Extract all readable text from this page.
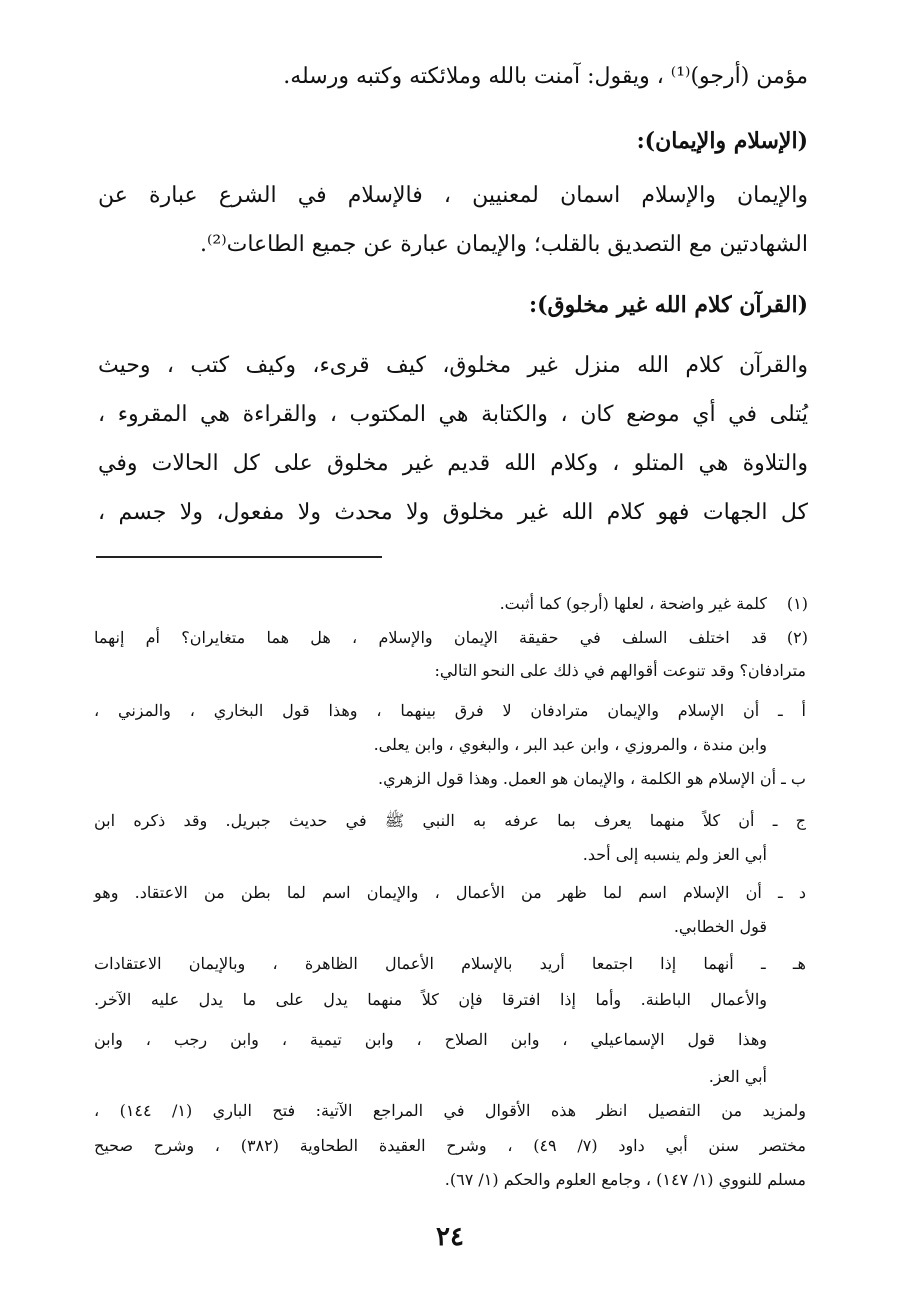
مؤمن (أرجو)⁽¹⁾ ، ويقول: آمنت بالله وملائكته وكتبه ورسله.
(الإسلام والإيمان):
والإيمان والإسلام اسمان لمعنيين ، فالإسلام في الشرع عبارة عن
الشهادتين مع التصديق بالقلب؛ والإيمان عبارة عن جميع الطاعات⁽²⁾.
(القرآن كلام الله غير مخلوق):
والقرآن كلام الله منزل غير مخلوق، كيف قرىء، وكيف كتب ، وحيث
يُتلى في أي موضع كان ، والكتابة هي المكتوب ، والقراءة هي المقروء ،
والتلاوة هي المتلو ، وكلام الله قديم غير مخلوق على كل الحالات وفي
كل الجهات فهو كلام الله غير مخلوق ولا محدث ولا مفعول، ولا جسم ،
(١)
كلمة غير واضحة ، لعلها (أرجو) كما أثبت.
(٢)
قد اختلف السلف في حقيقة الإيمان والإسلام ، هل هما متغايران؟ أم إنهما
مترادفان؟ وقد تنوعت أقوالهم في ذلك على النحو التالي:
أ ـ أن الإسلام والإيمان مترادفان لا فرق بينهما ، وهذا قول البخاري ، والمزني ،
وابن مندة ، والمروزي ، وابن عبد البر ، والبغوي ، وابن يعلى.
ب ـ أن الإسلام هو الكلمة ، والإيمان هو العمل. وهذا قول الزهري.
ج ـ أن كلاً منهما يعرف بما عرفه به النبي ﷺ في حديث جبريل. وقد ذكره ابن
أبي العز ولم ينسبه إلى أحد.
د ـ أن الإسلام اسم لما ظهر من الأعمال ، والإيمان اسم لما بطن من الاعتقاد. وهو
قول الخطابي.
هـ ـ أنهما إذا اجتمعا أريد بالإسلام الأعمال الظاهرة ، وبالإيمان الاعتقادات
والأعمال الباطنة. وأما إذا افترقا فإن كلاً منهما يدل على ما يدل عليه الآخر.
وهذا قول الإسماعيلي ، وابن الصلاح ، وابن تيمية ، وابن رجب ، وابن
أبي العز.
ولمزيد من التفصيل انظر هذه الأقوال في المراجع الآتية: فتح الباري (١/ ١٤٤) ،
مختصر سنن أبي داود (٧/ ٤٩) ، وشرح العقيدة الطحاوية (٣٨٢) ، وشرح صحيح
مسلم للنووي (١/ ١٤٧) ، وجامع العلوم والحكم (١/ ٦٧).
٢٤
